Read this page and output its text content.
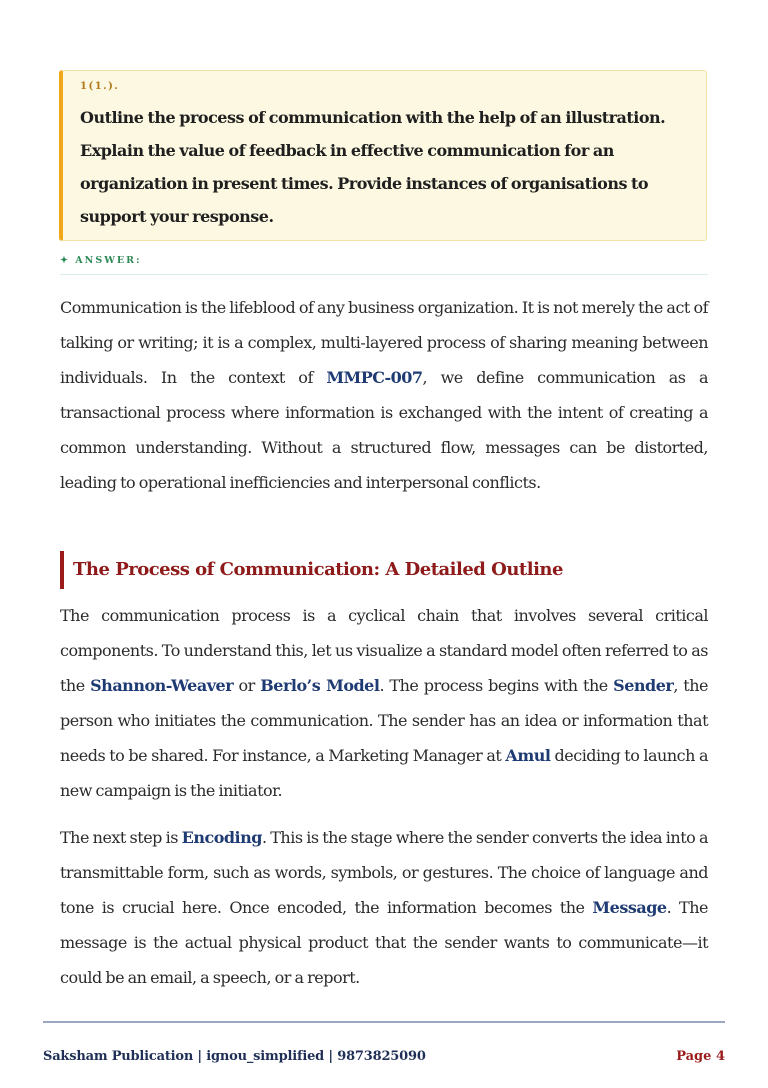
1(1.).
Outline the process of communication with the help of an illustration. Explain the value of feedback in effective communication for an organization in present times. Provide instances of organisations to support your response.
✦ ANSWER:

Communication is the lifeblood of any business organization. It is not merely the act of talking or writing; it is a complex, multi-layered process of sharing meaning between individuals. In the context of MMPC-007, we define communication as a transactional process where information is exchanged with the intent of creating a common understanding. Without a structured flow, messages can be distorted, leading to operational inefficiencies and interpersonal conflicts.

The Process of Communication: A Detailed Outline

The communication process is a cyclical chain that involves several critical components. To understand this, let us visualize a standard model often referred to as the Shannon-Weaver or Berlo’s Model. The process begins with the Sender, the person who initiates the communication. The sender has an idea or information that needs to be shared. For instance, a Marketing Manager at Amul deciding to launch a new campaign is the initiator.

The next step is Encoding. This is the stage where the sender converts the idea into a transmittable form, such as words, symbols, or gestures. The choice of language and tone is crucial here. Once encoded, the information becomes the Message. The message is the actual physical product that the sender wants to communicate—it could be an email, a speech, or a report.

Saksham Publication | ignou_simplified | 9873825090	Page 4
